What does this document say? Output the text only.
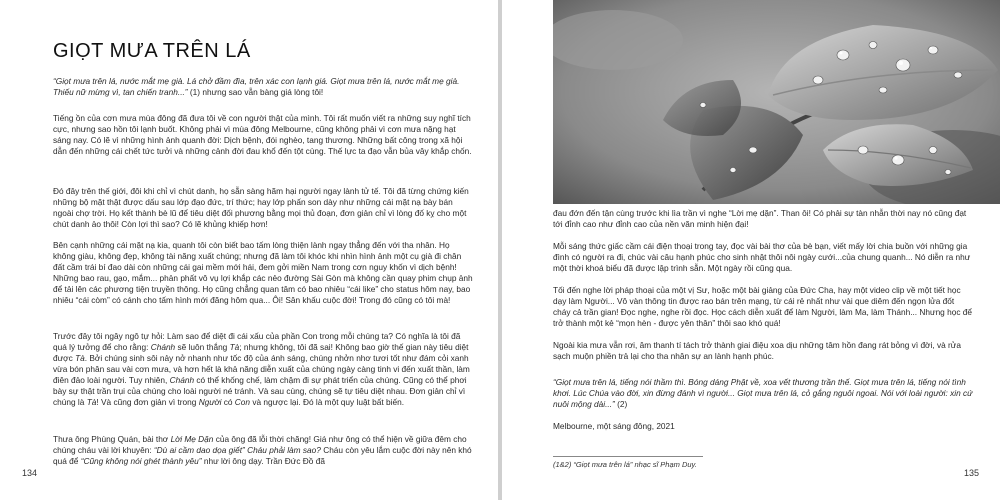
GIỌT MƯA TRÊN LÁ

“Giọt mưa trên lá, nước mắt mẹ già. Lá chở đầm đìa, trên xác con lạnh giá. Giọt mưa trên lá, nước mắt mẹ già. Thiếu nữ mừng vì, tan chiến tranh...” (1) nhưng sao vẫn bàng giá lòng tôi!

Tiếng ồn của cơn mưa mùa đông đã đưa tôi về con người thật của mình. Tôi rất muốn viết ra những suy nghĩ tích cực, nhưng sao hồn tôi lạnh buốt. Không phải vì mùa đông Melbourne, cũng không phải vì cơn mưa nặng hạt sáng nay. Có lẽ vì những hình ảnh quanh đời: Dịch bệnh, đói nghèo, tang thương. Những bất công trong xã hội dẫn đến những cái chết tức tưởi và những cảnh đời đau khổ đến tột cùng. Thế lực ta đạo vẫn bủa vây khắp chốn.

Đó đây trên thế giới, đôi khi chỉ vì chút danh, họ sẵn sàng hãm hại người ngay lành tử tế. Tôi đã từng chứng kiến những bộ mặt thật được dấu sau lớp đạo đức, trí thức; hay lớp phấn son dày như những cái mặt nạ bày bán ngoài chợ trời. Họ kết thành bè lũ để tiêu diệt đối phương bằng mọi thủ đoạn, đơn giản chỉ vì lòng đố kỵ cho một chút danh ảo thôi! Còn lợi thì sao? Có lẽ khủng khiếp hơn!

Bên cạnh những cái mặt nạ kia, quanh tôi còn biết bao tấm lòng thiện lành ngay thẳng đến với tha nhân. Họ không giàu, không đẹp, không tài năng xuất chúng; nhưng đã làm tôi khóc khi nhìn hình ảnh một cụ già đi chân đất cầm trái bí đao dài còn những cái gai mềm mới hái, đem gởi miền Nam trong cơn nguy khốn vì dịch bệnh! Những bao rau, gạo, mắm... phản phất vô vụ lợi khắp các nẻo đường Sài Gòn mà không cần quay phim chụp ảnh để tải lên các phương tiện truyền thông. Họ cũng chẳng quan tâm có bao nhiêu “cái like” cho status hôm nay, bao nhiêu “cái còm” có cánh cho tấm hình mới đăng hôm qua... Ôi! Sân khấu cuộc đời! Trong đó cũng có tôi mà!

Trước đây tôi ngây ngô tự hỏi: Làm sao để diệt đi cái xấu của phần Con trong mỗi chúng ta? Có nghĩa là tôi đã quá lý tưởng để cho rằng: Chánh sẽ luôn thắng Tà; nhưng không, tôi đã sai! Không bao giờ thế gian này tiêu diệt được Tà. Bởi chúng sinh sôi nảy nở nhanh như tốc độ của ánh sáng, chúng nhởn nhơ tươi tốt như đám cỏi xanh vừa bón phân sau vài cơn mưa, và hơn hết là khả năng diễn xuất của chúng ngày càng tinh vi đến xuất thần, làm điên đảo loài người. Tuy nhiên, Chánh có thể khống chế, làm chậm đi sự phát triển của chúng. Cũng có thể phơi bày sự thật trần trụi của chúng cho loài người né tránh. Và sau cùng, chúng sẽ tự tiêu diệt nhau. Đơn giản chỉ vì chúng là Tà! Và cũng đơn giản vì trong Người có Con và ngược lại. Đó là một quy luật bất biến.

Thưa ông Phùng Quán, bài thơ Lời Mẹ Dặn của ông đã lỗi thời chăng! Giá như ông có thể hiện về giữa đêm cho chúng cháu vài lời khuyên: “Dù ai cầm dao dọa giết” Cháu phải làm sao? Cháu còn yêu lắm cuộc đời này nên khó quá để “Cũng không nói ghét thành yêu” như lời ông dạy. Trần Đức Đồ đã

134

đau đớn đến tận cùng trước khi lìa trần vì nghe “Lời mẹ dặn”. Than ôi! Có phải sự tàn nhẫn thời nay nó cũng đạt tới đỉnh cao như đỉnh cao của nền văn minh hiện đại!

Mỗi sáng thức giấc cầm cái điện thoại trong tay, đọc vài bài thơ của bè bạn, viết mấy lời chia buồn với những gia đình có người ra đi, chúc vài câu hạnh phúc cho sinh nhật thôi nôi ngày cưới...của chung quanh... Nó diễn ra như một thời khoá biểu đã được lập trình sẵn. Một ngày rồi cũng qua.

Tối đến nghe lời pháp thoại của một vị Sư, hoặc một bài giảng của Đức Cha, hay một video clip về một tiết học dạy làm Người... Vô vàn thông tin được rao bán trên mạng, từ cái rẻ nhất như vài que diêm đến ngọn lửa đốt cháy cả trần gian! Đọc nghe, nghe rồi đọc. Học cách diễn xuất để làm Người, làm Ma, làm Thánh... Nhưng học để trở thành một kẻ “mọn hèn - được yên thân” thôi sao khó quá!

Ngoài kia mưa vẫn rơi, âm thanh tí tách trở thành giai điệu xoa dịu những tâm hồn đang rát bỏng vì đời, và rửa sạch muộn phiền trả lại cho tha nhân sự an lành hạnh phúc.

“Giọt mưa trên lá, tiếng nói thầm thì. Bóng dáng Phật về, xoa vết thương trần thế. Giọt mưa trên lá, tiếng nói tình khơi. Lúc Chúa vào đời, xin đừng đánh vì người... Giọt mưa trên lá, cỏ gắng nguôi ngoai. Nói với loài người: xin cứ nuôi mộng dài...” (2)

Melbourne, một sáng đông, 2021

(1&2) “Giọt mưa trên lá” nhạc sĩ Phạm Duy.
135
